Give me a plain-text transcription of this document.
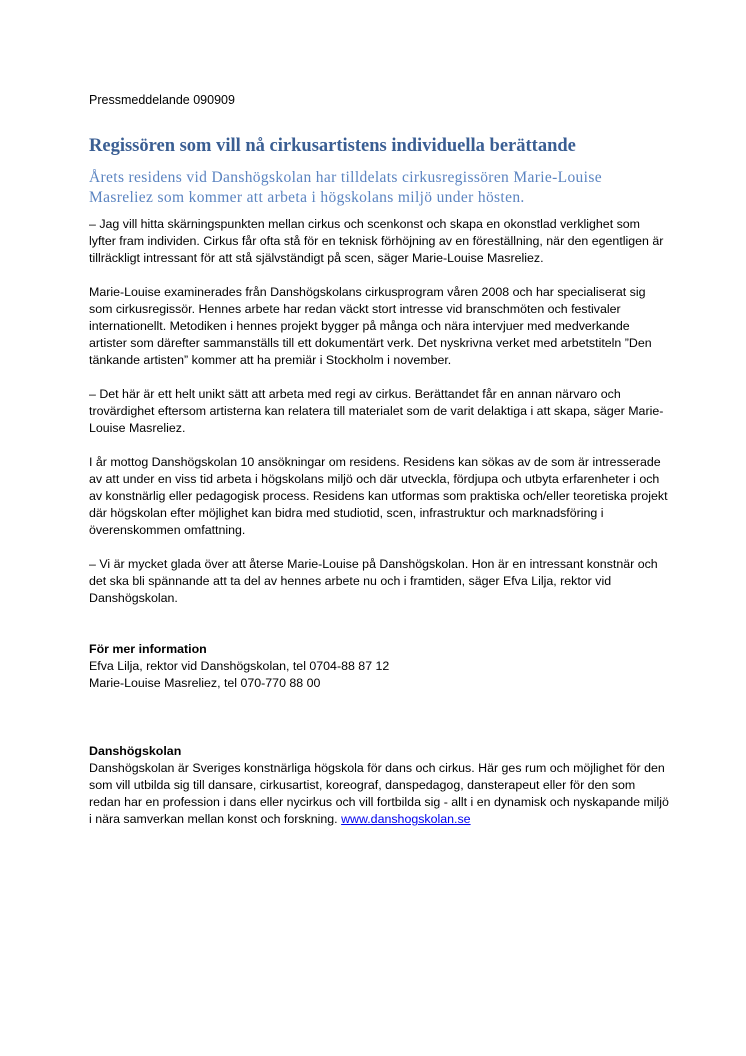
Pressmeddelande 090909

Regissören som vill nå cirkusartistens individuella berättande

Årets residens vid Danshögskolan har tilldelats cirkusregissören Marie-Louise Masreliez som kommer att arbeta i högskolans miljö under hösten.

– Jag vill hitta skärningspunkten mellan cirkus och scenkonst och skapa en okonstlad verklighet som lyfter fram individen. Cirkus får ofta stå för en teknisk förhöjning av en föreställning, när den egentligen är tillräckligt intressant för att stå självständigt på scen, säger Marie-Louise Masreliez.

Marie-Louise examinerades från Danshögskolans cirkusprogram våren 2008 och har specialiserat sig som cirkusregissör. Hennes arbete har redan väckt stort intresse vid branschmöten och festivaler internationellt. Metodiken i hennes projekt bygger på många och nära intervjuer med medverkande artister som därefter sammanställs till ett dokumentärt verk. Det nyskrivna verket med arbetstiteln ”Den tänkande artisten” kommer att ha premiär i Stockholm i november.

– Det här är ett helt unikt sätt att arbeta med regi av cirkus. Berättandet får en annan närvaro och trovärdighet eftersom artisterna kan relatera till materialet som de varit delaktiga i att skapa, säger Marie-Louise Masreliez.

I år mottog Danshögskolan 10 ansökningar om residens. Residens kan sökas av de som är intresserade av att under en viss tid arbeta i högskolans miljö och där utveckla, fördjupa och utbyta erfarenheter i och av konstnärlig eller pedagogisk process. Residens kan utformas som praktiska och/eller teoretiska projekt där högskolan efter möjlighet kan bidra med studiotid, scen, infrastruktur och marknadsföring i överenskommen omfattning.

– Vi är mycket glada över att återse Marie-Louise på Danshögskolan. Hon är en intressant konstnär och det ska bli spännande att ta del av hennes arbete nu och i framtiden, säger Efva Lilja, rektor vid Danshögskolan.

För mer information

Efva Lilja, rektor vid Danshögskolan, tel 0704-88 87 12

Marie-Louise Masreliez, tel 070-770 88 00

Danshögskolan

Danshögskolan är Sveriges konstnärliga högskola för dans och cirkus. Här ges rum och möjlighet för den som vill utbilda sig till dansare, cirkusartist, koreograf, danspedagog, dansterapeut eller för den som redan har en profession i dans eller nycirkus och vill fortbilda sig - allt i en dynamisk och nyskapande miljö i nära samverkan mellan konst och forskning. www.danshogskolan.se
